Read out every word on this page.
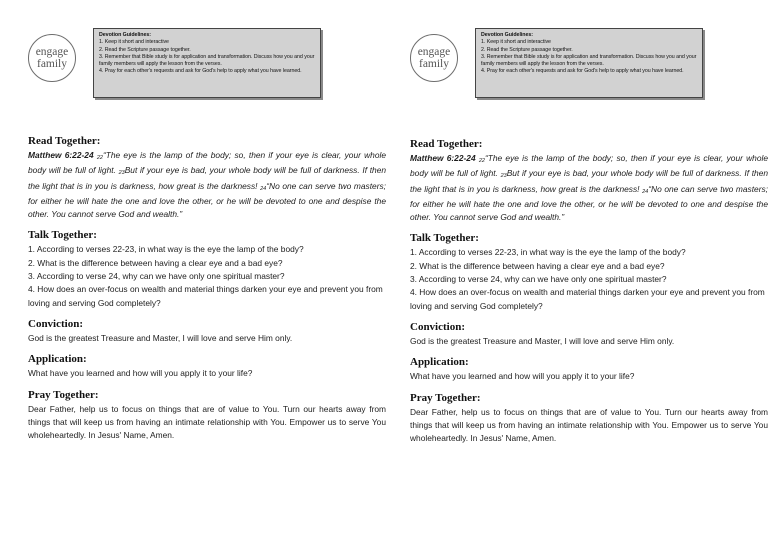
engage
family
Devotion Guidelines:
1. Keep it short and interactive
2. Read the Scripture passage together.
3. Remember that Bible study is for application and transformation. Discuss how you and your family members will apply the lesson from the verses.
4. Pray for each other's requests and ask for God's help to apply what you have learned.
Read Together:

Matthew 6:22-24 $^{22}$“The eye is the lamp of the body; so, then if your eye is clear, your whole body will be full of light. $^{23}$But if your eye is bad, your whole body will be full of darkness. If then the light that is in you is darkness, how great is the darkness! $^{24}$“No one can serve two masters; for either he will hate the one and love the other, or he will be devoted to one and despise the other. You cannot serve God and wealth.”

Talk Together:

1. According to verses 22-23, in what way is the eye the lamp of the body?
2. What is the difference between having a clear eye and a bad eye?
3. According to verse 24, why can we have only one spiritual master?
4. How does an over-focus on wealth and material things darken your eye and prevent you from loving and serving God completely?

Conviction:

God is the greatest Treasure and Master, I will love and serve Him only.

Application:

What have you learned and how will you apply it to your life?

Pray Together:

Dear Father, help us to focus on things that are of value to You. Turn our hearts away from things that will keep us from having an intimate relationship with You. Empower us to serve You wholeheartedly. In Jesus' Name, Amen.

engage
family
Devotion Guidelines:
1. Keep it short and interactive
2. Read the Scripture passage together.
3. Remember that Bible study is for application and transformation. Discuss how you and your family members will apply the lesson from the verses.
4. Pray for each other's requests and ask for God's help to apply what you have learned.
Read Together:

Matthew 6:22-24 $^{22}$“The eye is the lamp of the body; so, then if your eye is clear, your whole body will be full of light. $^{23}$But if your eye is bad, your whole body will be full of darkness. If then the light that is in you is darkness, how great is the darkness! $^{24}$“No one can serve two masters; for either he will hate the one and love the other, or he will be devoted to one and despise the other. You cannot serve God and wealth.”

Talk Together:

1. According to verses 22-23, in what way is the eye the lamp of the body?
2. What is the difference between having a clear eye and a bad eye?
3. According to verse 24, why can we have only one spiritual master?
4. How does an over-focus on wealth and material things darken your eye and prevent you from loving and serving God completely?

Conviction:

God is the greatest Treasure and Master, I will love and serve Him only.

Application:

What have you learned and how will you apply it to your life?

Pray Together:

Dear Father, help us to focus on things that are of value to You. Turn our hearts away from things that will keep us from having an intimate relationship with You. Empower us to serve You wholeheartedly. In Jesus' Name, Amen.
